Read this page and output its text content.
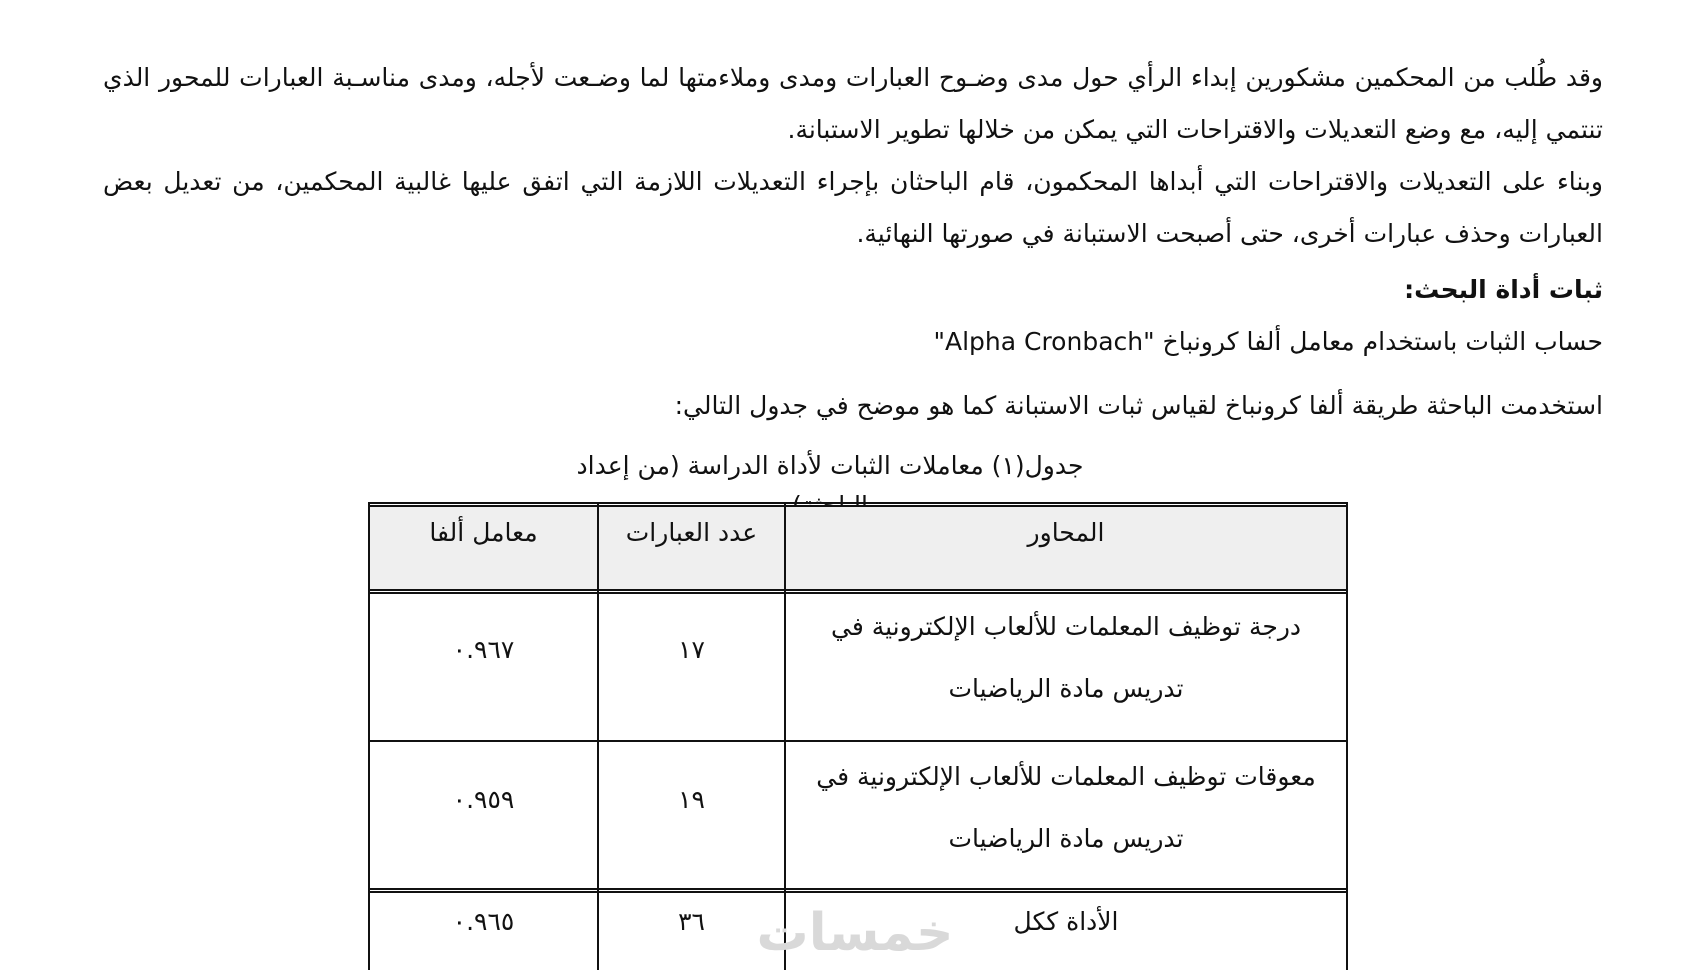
وقد طُلب من المحكمين مشكورين إبداء الرأي حول مدى وضـوح العبارات ومدى وملاءمتها لما وضـعت لأجله، ومدى مناسـبة العبارات للمحور الذي
تنتمي إليه، مع وضع التعديلات والاقتراحات التي يمكن من خلالها تطوير الاستبانة.
وبناء على التعديلات والاقتراحات التي أبداها المحكمون، قام الباحثان بإجراء التعديلات اللازمة التي اتفق عليها غالبية المحكمين، من تعديل بعض
العبارات وحذف عبارات أخرى، حتى أصبحت الاستبانة في صورتها النهائية.
ثبات أداة البحث:
حساب الثبات باستخدام معامل ألفا كرونباخ "Alpha Cronbach"
استخدمت الباحثة طريقة ألفا كرونباخ لقياس ثبات الاستبانة كما هو موضح في جدول التالي:
جدول(١) معاملات الثبات لأداة الدراسة (من إعداد
المحاور
عدد العبارات
معامل ألفا
درجة توظيف المعلمات للألعاب الإلكترونية في
تدريس مادة الرياضيات
١٧
٠.٩٦٧
معوقات توظيف المعلمات للألعاب الإلكترونية في
تدريس مادة الرياضيات
١٩
٠.٩٥٩
الأداة ككل
٣٦
٠.٩٦٥	خمسات
